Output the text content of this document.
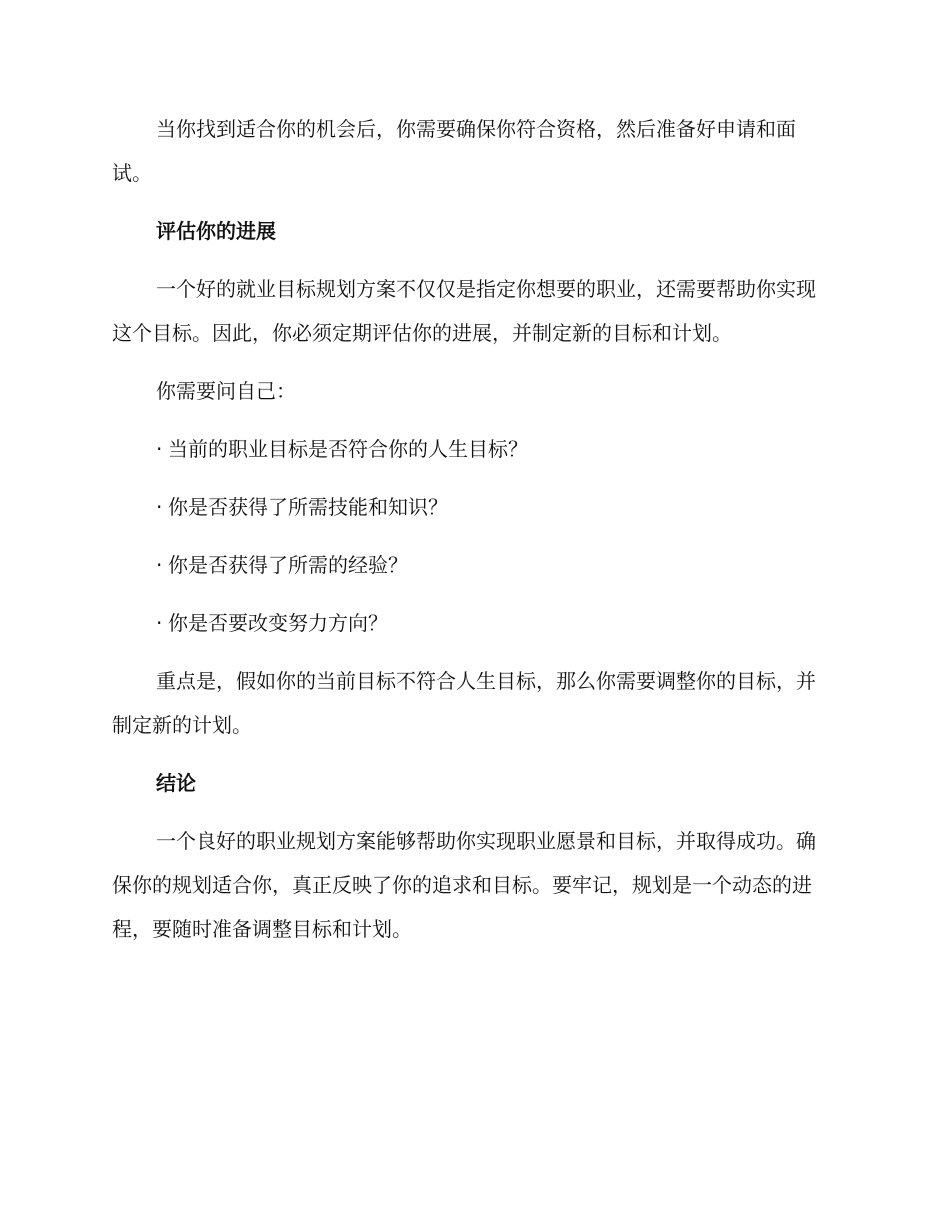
当你找到适合你的机会后，你需要确保你符合资格，然后准备好申请和面试。

评估你的进展

一个好的就业目标规划方案不仅仅是指定你想要的职业，还需要帮助你实现这个目标。因此，你必须定期评估你的进展，并制定新的目标和计划。

你需要问自己：

· 当前的职业目标是否符合你的人生目标？

· 你是否获得了所需技能和知识？

· 你是否获得了所需的经验？

· 你是否要改变努力方向？

重点是，假如你的当前目标不符合人生目标，那么你需要调整你的目标，并制定新的计划。

结论

一个良好的职业规划方案能够帮助你实现职业愿景和目标，并取得成功。确保你的规划适合你，真正反映了你的追求和目标。要牢记，规划是一个动态的进程，要随时准备调整目标和计划。
